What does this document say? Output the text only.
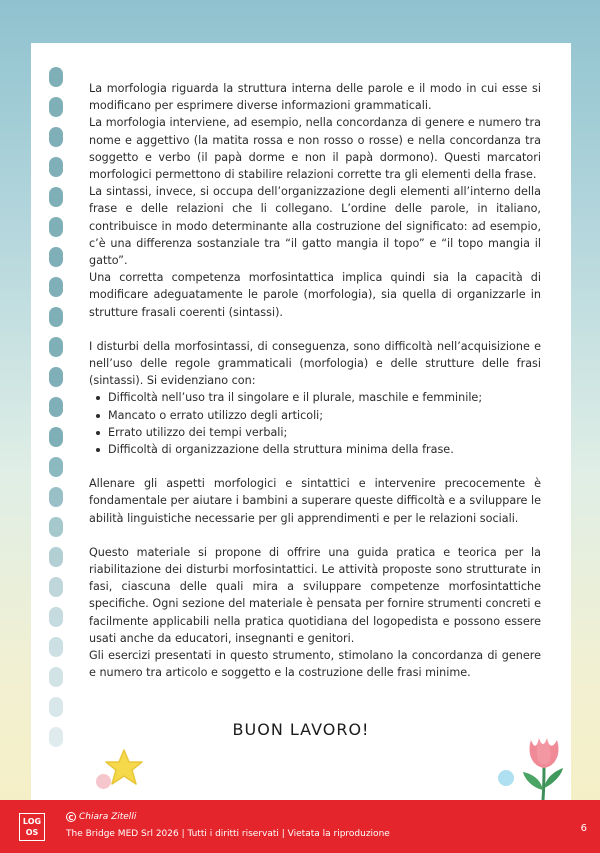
La morfologia riguarda la struttura interna delle parole e il modo in cui esse si modificano per esprimere diverse informazioni grammaticali.

La morfologia interviene, ad esempio, nella concordanza di genere e numero tra nome e aggettivo (la matita rossa e non rosso o rosse) e nella concordanza tra soggetto e verbo (il papà dorme e non il papà dormono). Questi marcatori morfologici permettono di stabilire relazioni corrette tra gli elementi della frase.

La sintassi, invece, si occupa dell’organizzazione degli elementi all’interno della frase e delle relazioni che li collegano. L’ordine delle parole, in italiano, contribuisce in modo determinante alla costruzione del significato: ad esempio, c’è una differenza sostanziale tra “il gatto mangia il topo” e “il topo mangia il gatto”.

Una corretta competenza morfosintattica implica quindi sia la capacità di modificare adeguatamente le parole (morfologia), sia quella di organizzarle in strutture frasali coerenti (sintassi).

I disturbi della morfosintassi, di conseguenza, sono difficoltà nell’acquisizione e nell’uso delle regole grammaticali (morfologia) e delle strutture delle frasi (sintassi). Si evidenziano con:

Difficoltà nell’uso tra il singolare e il plurale, maschile e femminile;
Mancato o errato utilizzo degli articoli;
Errato utilizzo dei tempi verbali;
Difficoltà di organizzazione della struttura minima della frase.

Allenare gli aspetti morfologici e sintattici e intervenire precocemente è fondamentale per aiutare i bambini a superare queste difficoltà e a sviluppare le abilità linguistiche necessarie per gli apprendimenti e per le relazioni sociali.

Questo materiale si propone di offrire una guida pratica e teorica per la riabilitazione dei disturbi morfosintattici. Le attività proposte sono strutturate in fasi, ciascuna delle quali mira a sviluppare competenze morfosintattiche specifiche. Ogni sezione del materiale è pensata per fornire strumenti concreti e facilmente applicabili nella pratica quotidiana del logopedista e possono essere usati anche da educatori, insegnanti e genitori.

Gli esercizi presentati in questo strumento, stimolano la concordanza di genere e numero tra articolo e soggetto e la costruzione delle frasi minime.

BUON LAVORO!
LOG
OS
C Chiara Zitelli
The Bridge MED Srl 2026 | Tutti i diritti riservati | Vietata la riproduzione	6
